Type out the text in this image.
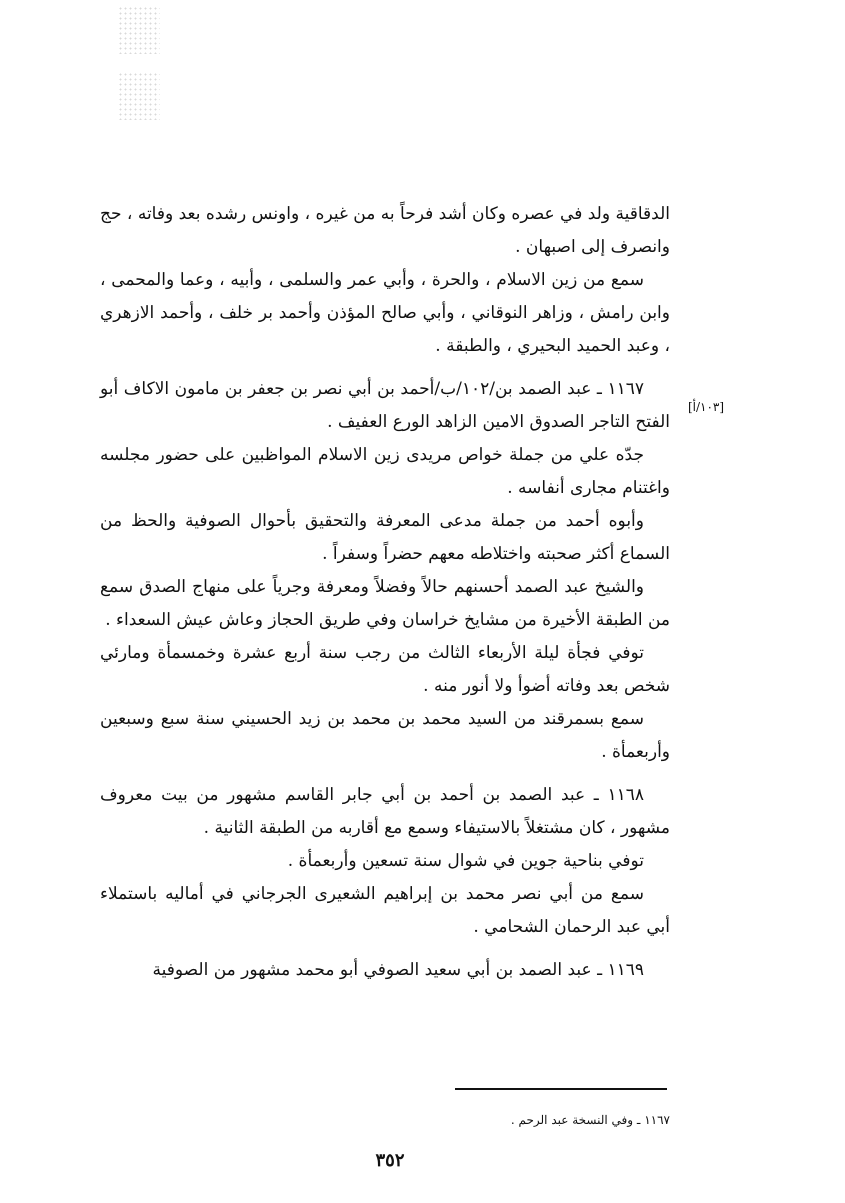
[١٠٣/أ]

الدقاقية ولد في عصره وكان أشد فرحاً به من غيره ، واونس رشده بعد وفاته ، حج وانصرف إلى اصبهان .

سمع من زين الاسلام ، والحرة ، وأبي عمر والسلمى ، وأبيه ، وعما والمحمى ، وابن رامش ، وزاهر النوقاني ، وأبي صالح المؤذن وأحمد بر خلف ، وأحمد الازهري ، وعبد الحميد البحيري ، والطبقة .

١١٦٧ ـ عبد الصمد بن/١٠٢/ب/أحمد بن أبي نصر بن جعفر بن مامون الاكاف أبو الفتح التاجر الصدوق الامين الزاهد الورع العفيف .

جدّه علي من جملة خواص مريدى زين الاسلام المواظبين على حضور مجلسه واغتنام مجارى أنفاسه .

وأبوه أحمد من جملة مدعى المعرفة والتحقيق بأحوال الصوفية والحظ من السماع أكثر صحبته واختلاطه معهم حضراً وسفراً .

والشيخ عبد الصمد أحسنهم حالاً وفضلاً ومعرفة وجرياً على منهاج الصدق سمع من الطبقة الأخيرة من مشايخ خراسان وفي طريق الحجاز وعاش عيش السعداء .

توفي فجأة ليلة الأربعاء الثالث من رجب سنة أربع عشرة وخمسمأة ومارئي شخص بعد وفاته أضوأ ولا أنور منه .

سمع بسمرقند من السيد محمد بن محمد بن زيد الحسيني سنة سبع وسبعين وأربعمأة .

١١٦٨ ـ عبد الصمد بن أحمد بن أبي جابر القاسم مشهور من بيت معروف مشهور ، كان مشتغلاً بالاستيفاء وسمع مع أقاربه من الطبقة الثانية .

توفي بناحية جوين في شوال سنة تسعين وأربعمأة .

سمع من أبي نصر محمد بن إبراهيم الشعيرى الجرجاني في أماليه باستملاء أبي عبد الرحمان الشحامي .

١١٦٩ ـ عبد الصمد بن أبي سعيد الصوفي أبو محمد مشهور من الصوفية

١١٦٧ ـ وفي النسخة عبد الرحم .
٣٥٢
